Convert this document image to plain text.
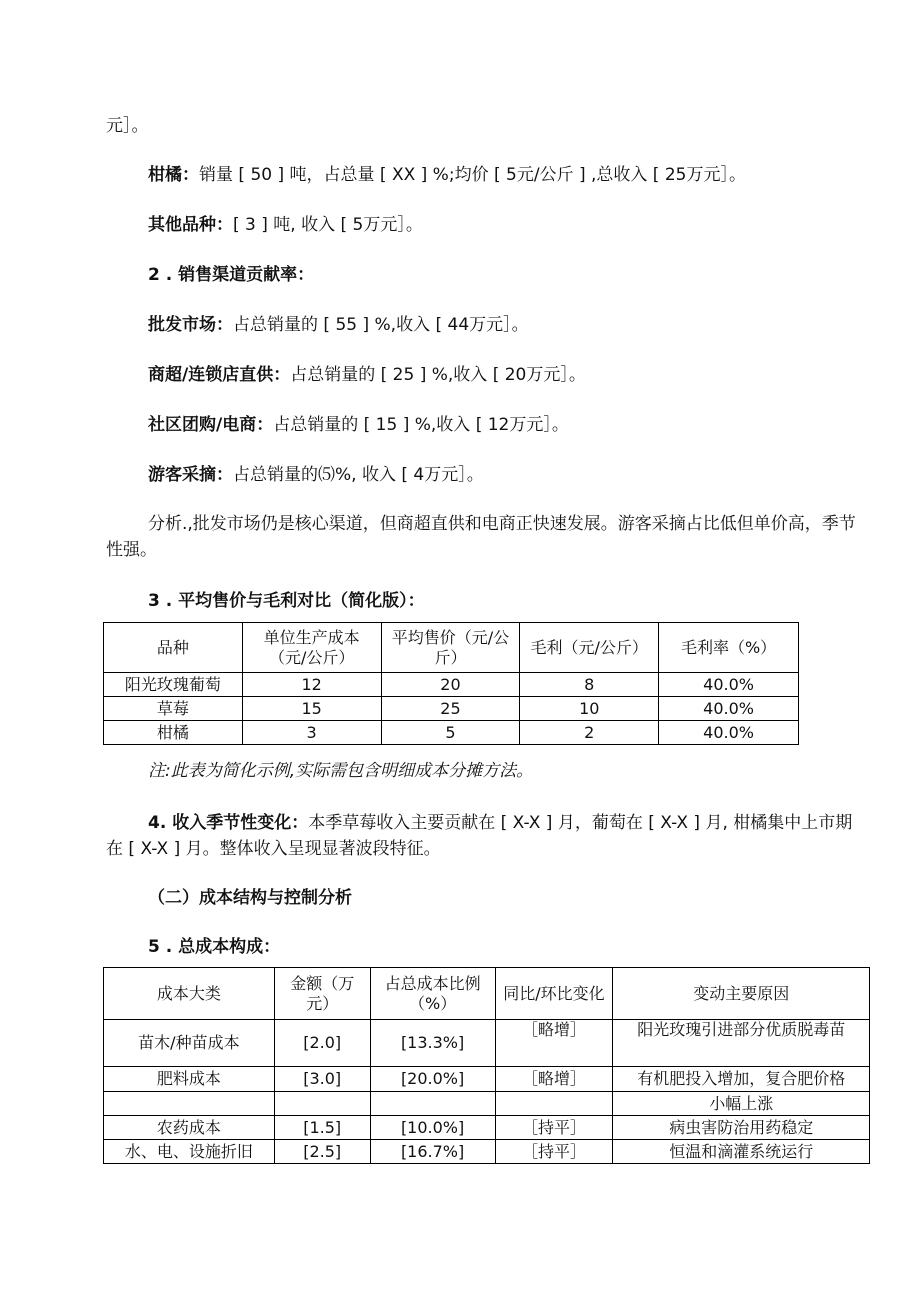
元］。
柑橘：销量 [ 50 ] 吨，占总量 [ XX ] %;均价 [ 5元/公斤 ] ,总收入 [ 25万元］。
其他品种：[ 3 ] 吨, 收入 [ 5万元］。
2 . 销售渠道贡献率：
批发市场：占总销量的 [ 55 ] %,收入 [ 44万元］。
商超/连锁店直供：占总销量的 [ 25 ] %,收入 [ 20万元］。
社区团购/电商：占总销量的 [ 15 ] %,收入 [ 12万元］。
游客采摘：占总销量的⑸%, 收入 [ 4万元］。
分析.,批发市场仍是核心渠道，但商超直供和电商正快速发展。游客采摘占比低但单价高，季节性强。
3 . 平均售价与毛利对比（简化版）：
品种	单位生产成本（元/公斤）	平均售价（元/公斤）	毛利（元/公斤）	毛利率（%）
阳光玫瑰葡萄	12	20	8	40.0%
草莓	15	25	10	40.0%
柑橘	3	5	2	40.0%
注:此表为简化示例,实际需包含明细成本分摊方法。
4. 收入季节性变化：本季草莓收入主要贡献在 [ X-X ] 月，葡萄在 [ X-X ] 月, 柑橘集中上市期在 [ X-X ] 月。整体收入呈现显著波段特征。
（二）成本结构与控制分析
5 . 总成本构成：
成本大类	金额（万元）	占总成本比例（%）	同比/环比变化	变动主要原因
苗木/种苗成本	[2.0]	[13.3%]	［略增］	阳光玫瑰引进部分优质脱毒苗
肥料成本	[3.0]	[20.0%]	［略增］	有机肥投入增加，复合肥价格
				小幅上涨
农药成本	[1.5]	[10.0%]	［持平］	病虫害防治用药稳定
水、电、设施折旧	[2.5]	[16.7%]	［持平］	恒温和滴灌系统运行
